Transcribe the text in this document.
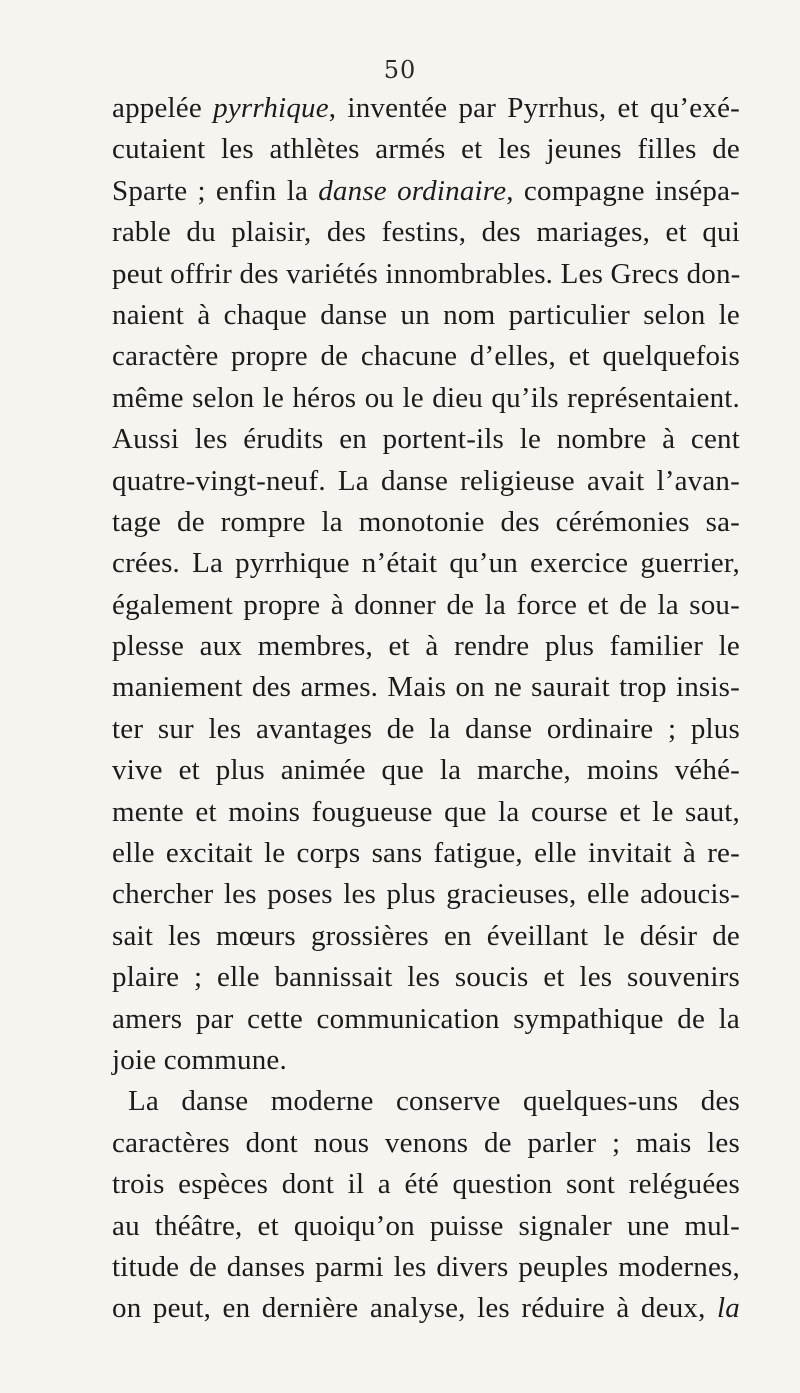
50
appelée pyrrhique, inventée par Pyrrhus, et qu’exé-
cutaient les athlètes armés et les jeunes filles de
Sparte ; enfin la danse ordinaire, compagne insépa-
rable du plaisir, des festins, des mariages, et qui
peut offrir des variétés innombrables. Les Grecs don-
naient à chaque danse un nom particulier selon le
caractère propre de chacune d’elles, et quelquefois
même selon le héros ou le dieu qu’ils représentaient.
Aussi les érudits en portent-ils le nombre à cent
quatre-vingt-neuf. La danse religieuse avait l’avan-
tage de rompre la monotonie des cérémonies sa-
crées. La pyrrhique n’était qu’un exercice guerrier,
également propre à donner de la force et de la sou-
plesse aux membres, et à rendre plus familier le
maniement des armes. Mais on ne saurait trop insis-
ter sur les avantages de la danse ordinaire ; plus
vive et plus animée que la marche, moins véhé-
mente et moins fougueuse que la course et le saut,
elle excitait le corps sans fatigue, elle invitait à re-
chercher les poses les plus gracieuses, elle adoucis-
sait les mœurs grossières en éveillant le désir de
plaire ; elle bannissait les soucis et les souvenirs
amers par cette communication sympathique de la
joie commune.
La danse moderne conserve quelques-uns des
caractères dont nous venons de parler ; mais les
trois espèces dont il a été question sont reléguées
au théâtre, et quoiqu’on puisse signaler une mul-
titude de danses parmi les divers peuples modernes,
on peut, en dernière analyse, les réduire à deux, la
